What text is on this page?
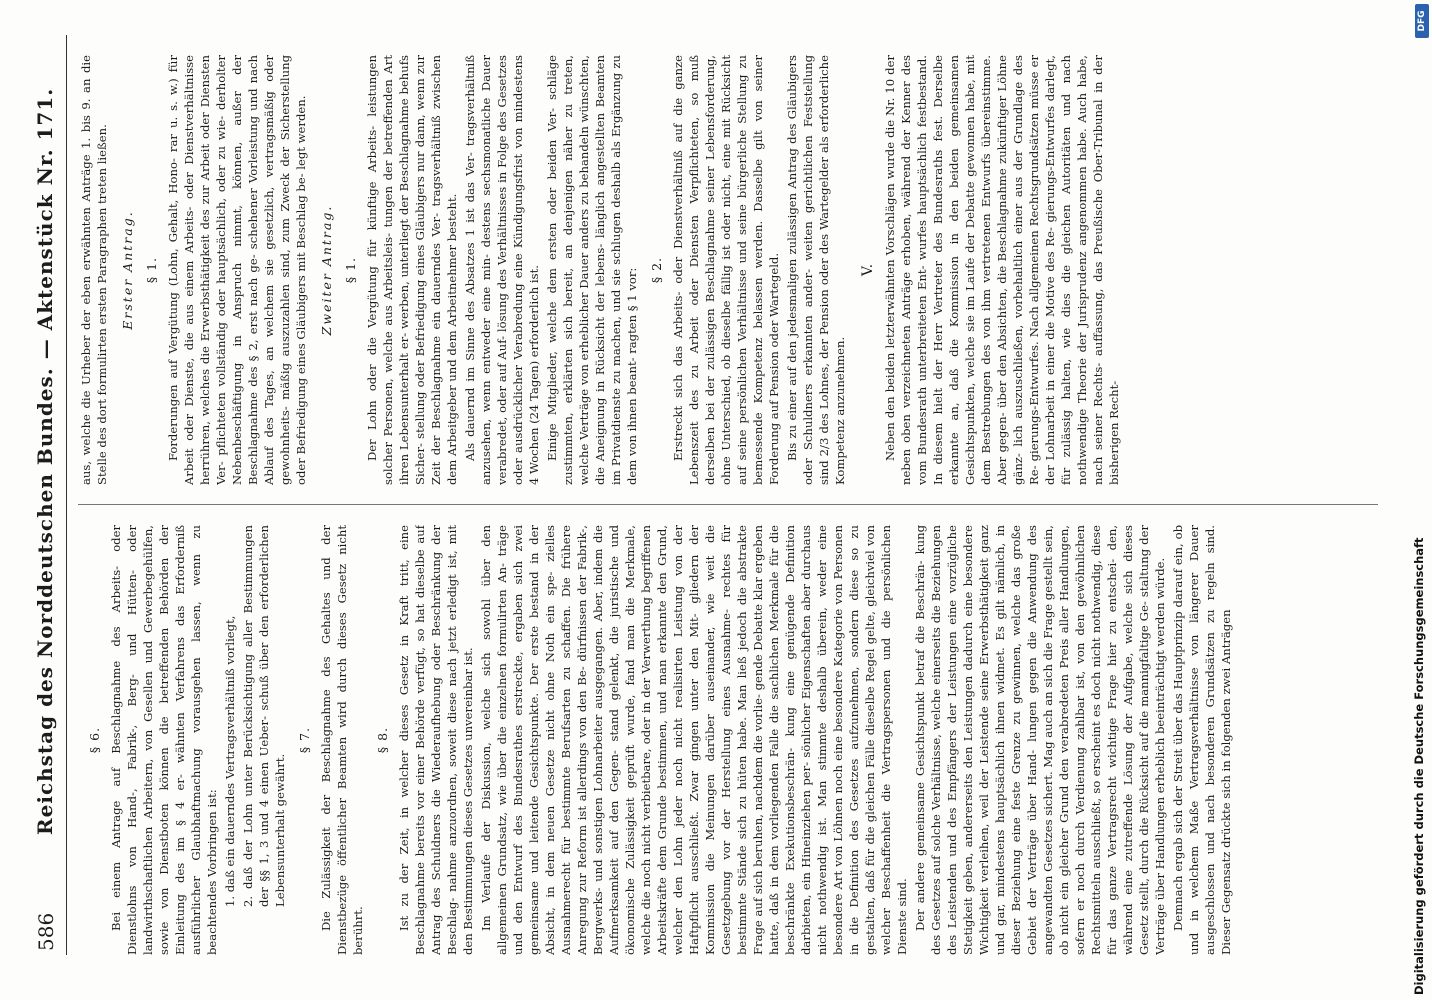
586
Reichstag des Norddeutschen Bundes. — Aktenstück Nr. 171. § 6. Bei einem Antrage auf Beschlagnahme des Arbeits- oder Dienstlohns von Hand-, Fabrik-, Berg- und Hütten- oder landwirthschaftlichen Arbeitern, von Gesellen und Gewerbegehülfen, sowie von Dienstboten können die betreffenden Behörden der Einleitung des im § 4 er- wähnten Verfahrens das Erforderniß ausführlicher Glaubhaftmachung vorausgehen lassen, wenn zu beachtendes Vorbringen ist: 1. daß ein dauerndes Vertragsverhältniß vorliegt, 2. daß der Lohn unter Berücksichtigung aller Bestimmungen der §§ 1, 3 und 4 einen Ueber- schuß über den erforderlichen Lebensunterhalt gewährt.

§ 7. Die Zulässigkeit der Beschlagnahme des Gehaltes und der Dienstbezüge öffentlicher Beamten wird durch dieses Gesetz nicht berührt.

§ 8. Ist zu der Zeit, in welcher dieses Gesetz in Kraft tritt, eine Beschlagnahme bereits vor einer Behörde verfügt, so hat dieselbe auf Antrag des Schuldners die Wiederaufhebung oder Beschränkung der Beschlag- nahme anzuordnen, soweit diese nach jetzt erledigt ist, mit den Bestimmungen dieses Gesetzes unvereinbar ist. Im Verlaufe der Diskussion, welche sich sowohl über den allgemeinen Grundsatz, wie über die einzelnen formulirten An- träge und den Entwurf des Bundesrathes erstreckte, ergaben sich zwei gemeinsame und leitende Gesichtspunkte. Der erste bestand in der Absicht, in dem neuen Gesetze nicht ohne Noth ein spe- zielles Ausnahmerecht für bestimmte Berufsarten zu schaffen. Die frühere Anregung zur Reform ist allerdings von den Be- dürfnissen der Fabrik-, Bergwerks- und sonstigen Lohnarbeiter ausgegangen. Aber, indem die Aufmerksamkeit auf den Gegen- stand gelenkt, die juristische und ökonomische Zulässigkeit geprüft wurde, fand man die Merkmale, welche die noch nicht verbietbare, oder in der Verwerthung begriffenen Arbeitskräfte dem Grunde bestimmen, und man erkannte den Grund, welcher den Lohn jeder noch nicht realisirten Leistung von der Haftpflicht ausschließt. Zwar gingen unter den Mit- gliedern der Kommission die Meinungen darüber auseinander, wie weit die Gesetzgebung vor der Herstellung eines Ausnahme- rechtes für bestimmte Stände sich zu hüten habe. Man ließ jedoch die abstrakte Frage auf sich beruhen, nachdem die vorlie- gende Debatte klar ergeben hatte, daß in dem vorliegenden Falle die sachlichen Merkmale für die beschränkte Exekutionsbeschrän- kung eine genügende Definition darbieten, ein Hineinziehen per- sönlicher Eigenschaften aber durchaus nicht nothwendig ist. Man stimmte deshalb überein, weder eine besondere Art von Löhnen noch eine besondere Kategorie von Personen in die Definition des Gesetzes aufzunehmen, sondern diese so zu gestalten, daß für die gleichen Fälle dieselbe Regel gelte, gleichviel von welcher Beschaffenheit die Vertragspersonen und die persönlichen Dienste sind. Der andere gemeinsame Gesichtspunkt betraf die Beschrän- kung des Gesetzes auf solche Verhältnisse, welche einerseits die Beziehungen des Leistenden und des Empfängers der Leistungen eine vorzügliche Stetigkeit geben, andererseits den Leistungen dadurch eine besondere Wichtigkeit verleihen, weil der Leistende seine Erwerbsthätigkeit ganz und gar, mindestens hauptsächlich ihnen widmet. Es gilt nämlich, in dieser Beziehung eine feste Grenze zu gewinnen, welche das große Gebiet der Verträge über Hand- lungen gegen die Anwendung des angewandten Gesetzes sichert. Mag auch an sich die Frage gestellt sein, ob nicht ein gleicher Grund den verabredeten Preis aller Handlungen, sofern er noch durch Verdienung zahlbar ist, von den gewöhnlichen Rechtsmitteln ausschließt, so erscheint es doch nicht nothwendig, diese für das ganze Vertragsrecht wichtige Frage hier zu entschei- den, während eine zutreffende Lösung der Aufgabe, welche sich dieses Gesetz stellt, durch die Rücksicht auf die mannigfaltige Ge- staltung der Verträge über Handlungen erheblich beeinträchtigt werden würde. Demnach ergab sich der Streit über das Hauptprinzip darauf ein, ob und in welchem Maße Vertragsverhältnisse von längerer Dauer ausgeschlossen und nach besonderen Grundsätzen zu regeln sind. Dieser Gegensatz drückte sich in folgenden zwei Anträgen

aus, welche die Urheber der eben erwähnten Anträge 1. bis 9. an die Stelle des dort formulirten ersten Paragraphen treten ließen. Erster Antrag. § 1. Forderungen auf Vergütung (Lohn, Gehalt, Hono- rar u. s. w.) für Arbeit oder Dienste, die aus einem Arbeits- oder Dienstverhältnisse herrühren, welches die Erwerbsthätigkeit des zur Arbeit oder Diensten Ver- pflichteten vollständig oder hauptsächlich, oder zu wie- derholter Nebenbeschäftigung in Anspruch nimmt, können, außer der Beschlagnahme des § 2, erst nach ge- schehener Vorleistung und nach Ablauf des Tages, an welchem sie gesetzlich, vertragsmäßig oder gewohnheits- mäßig auszuzahlen sind, zum Zweck der Sicherstellung oder Befriedigung eines Gläubigers mit Beschlag be- legt werden. Zweiter Antrag. § 1. Der Lohn oder die Vergütung für künftige Arbeits- leistungen solcher Personen, welche aus Arbeitsleis- tungen der betreffenden Art ihren Lebensunterhalt er- werben, unterliegt der Beschlagnahme behufs Sicher- stellung oder Befriedigung eines Gläubigers nur dann, wenn zur Zeit der Beschlagnahme ein dauerndes Ver- tragsverhältniß zwischen dem Arbeitgeber und dem Arbeitnehmer besteht. Als dauernd im Sinne des Absatzes 1 ist das Ver- tragsverhältniß anzusehen, wenn entweder eine min- destens sechsmonatliche Dauer verabredet, oder auf Auf- lösung des Verhältnisses in Folge des Gesetzes oder ausdrücklicher Verabredung eine Kündigungsfrist von mindestens 4 Wochen (24 Tagen) erforderlich ist. Einige Mitglieder, welche dem ersten oder beiden Ver- schläge zustimmten, erklärten sich bereit, an denjenigen näher zu treten, welche Verträge von erheblicher Dauer anders zu behandeln wünschten, die Aneignung in Rücksicht der lebens- länglich angestellten Beamten im Privatdienste zu machen, und sie schlugen deshalb als Ergänzung zu dem von ihnen beant- ragten § 1 vor: § 2. Erstreckt sich das Arbeits- oder Dienstverhältniß auf die ganze Lebenszeit des zu Arbeit oder Diensten Verpflichteten, so muß derselben bei der zulässigen Beschlagnahme seiner Lebensforderung, ohne Unterschied, ob dieselbe fällig ist oder nicht, eine mit Rücksicht auf seine persönlichen Verhältnisse und seine bürgerliche Stellung zu bemessende Kompetenz belassen werden. Dasselbe gilt von seiner Forderung auf Pension oder Wartegeld. Bis zu einer auf den jedesmaligen zulässigen Antrag des Gläubigers oder Schuldners erkannten ander- weiten gerichtlichen Feststellung sind 2/3 des Lohnes, der Pension oder des Wartegelder als erforderliche Kompetenz anzunehmen.

V. Neben den beiden letzterwähnten Vorschlägen wurde die Nr. 10 der neben oben verzeichneten Anträge erhoben, während der Kenner des vom Bundesrath unterbreiteten Ent- wurfes hauptsächlich festbestand. In diesem hielt der Herr Vertreter des Bundesraths fest. Derselbe erkannte an, daß die Kommission in den beiden gemeinsamen Gesichtspunkten, welche sie im Laufe der Debatte gewonnen habe, mit dem Bestrebungen des von ihm vertretenen Entwurfs übereinstimme. Aber gegen- über den Absichten, die Beschlagnahme zukünftiger Löhne gänz- lich auszuschließen, vorbehaltlich einer aus der Grundlage des Re- gierungs-Entwurfes. Nach allgemeinen Rechtsgrundsätzen müsse er der Lohnarbeit in einer die Motive des Re- gierungs-Entwurfes darlegt, für zulässig halten, wie dies die gleichen Autoritäten und nach nothwendige Theorie der Jurisprudenz angenommen habe. Auch habe, nach seiner Rechts- auffassung, das Preußische Ober-Tribunal in der bisherigen Recht-

Digitalisierung gefördert durch die Deutsche Forschungsgemeinschaft
DFG
